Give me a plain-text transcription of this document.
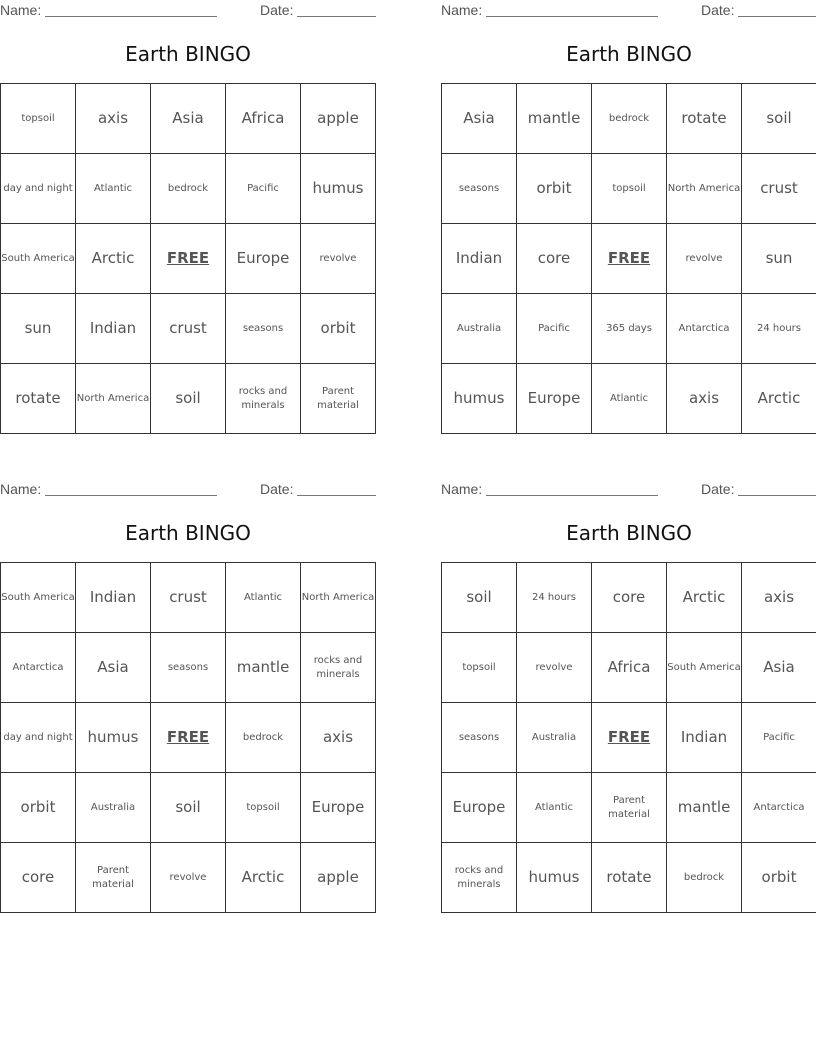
Name:	Date:
Earth BINGO
topsoil	axis	Asia	Africa	apple
day and night	Atlantic	bedrock	Pacific	humus
South America	Arctic	FREE	Europe	revolve
sun	Indian	crust	seasons	orbit
rotate	North America	soil	rocks and minerals	Parent material
Name:	Date:
Earth BINGO
Asia	mantle	bedrock	rotate	soil
seasons	orbit	topsoil	North America	crust
Indian	core	FREE	revolve	sun
Australia	Pacific	365 days	Antarctica	24 hours
humus	Europe	Atlantic	axis	Arctic
Name:	Date:
Earth BINGO
South America	Indian	crust	Atlantic	North America
Antarctica	Asia	seasons	mantle	rocks and minerals
day and night	humus	FREE	bedrock	axis
orbit	Australia	soil	topsoil	Europe
core	Parent material	revolve	Arctic	apple
Name:	Date:
Earth BINGO
soil	24 hours	core	Arctic	axis
topsoil	revolve	Africa	South America	Asia
seasons	Australia	FREE	Indian	Pacific
Europe	Atlantic	Parent material	mantle	Antarctica
rocks and minerals	humus	rotate	bedrock	orbit
